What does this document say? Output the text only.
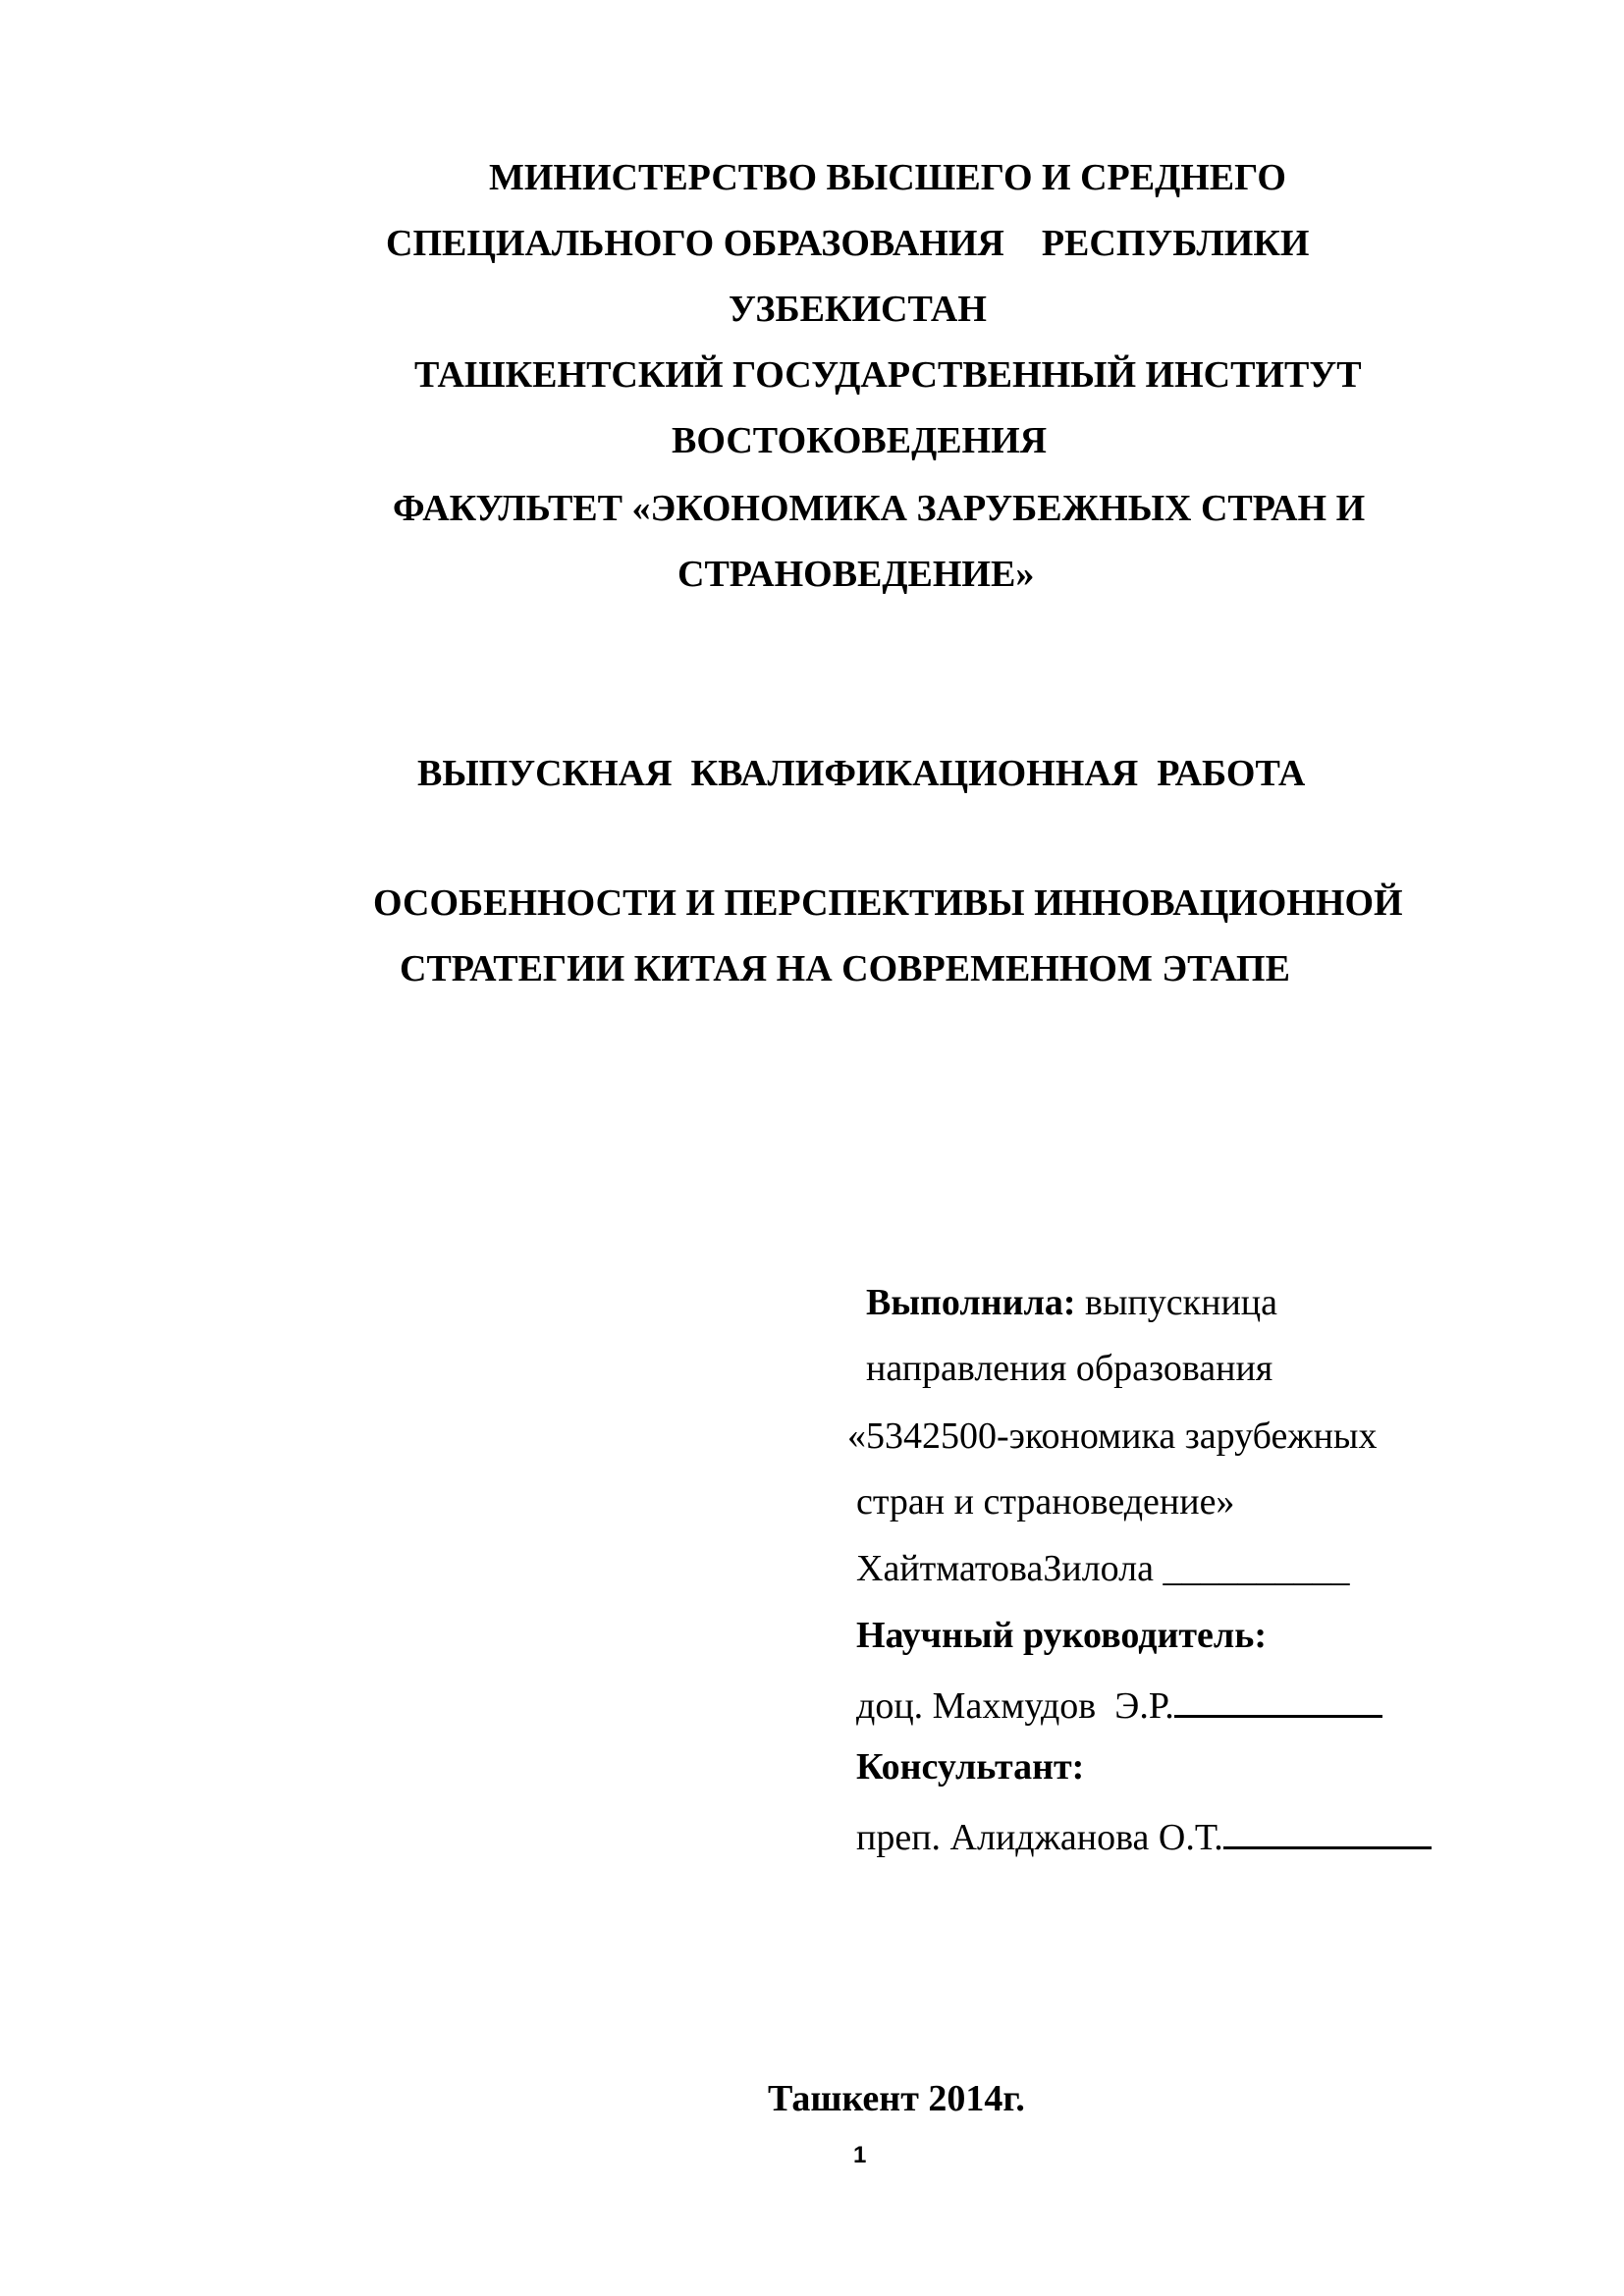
МИНИСТЕРСТВО ВЫСШЕГО И СРЕДНЕГО
СПЕЦИАЛЬНОГО ОБРАЗОВАНИЯ    РЕСПУБЛИКИ
УЗБЕКИСТАН
ТАШКЕНТСКИЙ ГОСУДАРСТВЕННЫЙ ИНСТИТУТ
ВОСТОКОВЕДЕНИЯ
ФАКУЛЬТЕТ «ЭКОНОМИКА ЗАРУБЕЖНЫХ СТРАН И
СТРАНОВЕДЕНИЕ»
ВЫПУСКНАЯ  КВАЛИФИКАЦИОННАЯ  РАБОТА
ОСОБЕННОСТИ И ПЕРСПЕКТИВЫ ИННОВАЦИОННОЙ
СТРАТЕГИИ КИТАЯ НА СОВРЕМЕННОМ ЭТАПЕ
Выполнила: выпускница
направления образования
«5342500-экономика зарубежных
стран и страноведение»
ХайтматоваЗилола __________
Научный руководитель:
доц. Махмудов  Э.Р.
Консультант:
преп. Алиджанова О.Т.
Ташкент 2014г.
1
